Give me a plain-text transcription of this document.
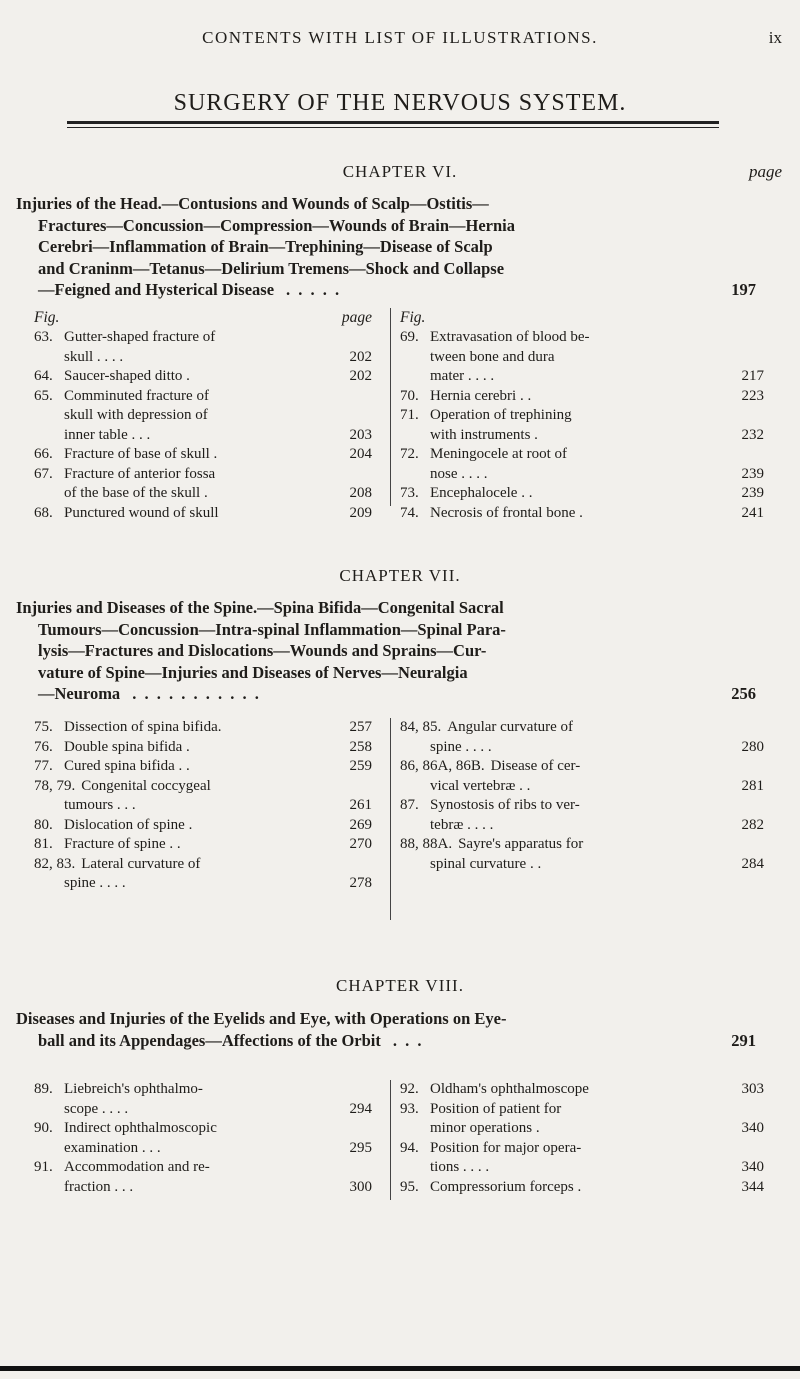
CONTENTS WITH LIST OF ILLUSTRATIONS.	ix
SURGERY OF THE NERVOUS SYSTEM.
CHAPTER VI.	page
Injuries of the Head.—Contusions and Wounds of Scalp—Ostitis—
Fractures—Concussion—Compression—Wounds of Brain—Hernia
Cerebri—Inflammation of Brain—Trephining—Disease of Scalp
and Craninm—Tetanus—Delirium Tremens—Shock and Collapse
—Feigned and Hysterical Disease . . . . .	197
Fig.	page
63. Gutter-shaped fracture of
skull . . . .	202
64. Saucer-shaped ditto .	202
65. Comminuted fracture of
skull with depression of
inner table . . .	203
66. Fracture of base of skull .	204
67. Fracture of anterior fossa
of the base of the skull .	208
68. Punctured wound of skull	209
Fig.
69. Extravasation of blood be-
tween bone and dura
mater . . . .	217
70. Hernia cerebri . .	223
71. Operation of trephining
with instruments .	232
72. Meningocele at root of
nose . . . .	239
73. Encephalocele . .	239
74. Necrosis of frontal bone .	241
CHAPTER VII.
Injuries and Diseases of the Spine.—Spina Bifida—Congenital Sacral
Tumours—Concussion—Intra-spinal Inflammation—Spinal Para-
lysis—Fractures and Dislocations—Wounds and Sprains—Cur-
vature of Spine—Injuries and Diseases of Nerves—Neuralgia
—Neuroma . . . . . . . . . . .	256
75. Dissection of spina bifida.	257
76. Double spina bifida .	258
77. Cured spina bifida . .	259
78, 79. Congenital coccygeal
tumours . . .	261
80. Dislocation of spine .	269
81. Fracture of spine . .	270
82, 83. Lateral curvature of
spine . . . .	278
84, 85. Angular curvature of
spine . . . .	280
86, 86A, 86B. Disease of cer-
vical vertebræ . .	281
87. Synostosis of ribs to ver-
tebræ . . . .	282
88, 88A. Sayre's apparatus for
spinal curvature . .	284
CHAPTER VIII.
Diseases and Injuries of the Eyelids and Eye, with Operations on Eye-
ball and its Appendages—Affections of the Orbit . . .	291
89. Liebreich's ophthalmo-
scope . . . .	294
90. Indirect ophthalmoscopic
examination . . .	295
91. Accommodation and re-
fraction . . .	300
92. Oldham's ophthalmoscope	303
93. Position of patient for
minor operations .	340
94. Position for major opera-
tions . . . .	340
95. Compressorium forceps .	344
